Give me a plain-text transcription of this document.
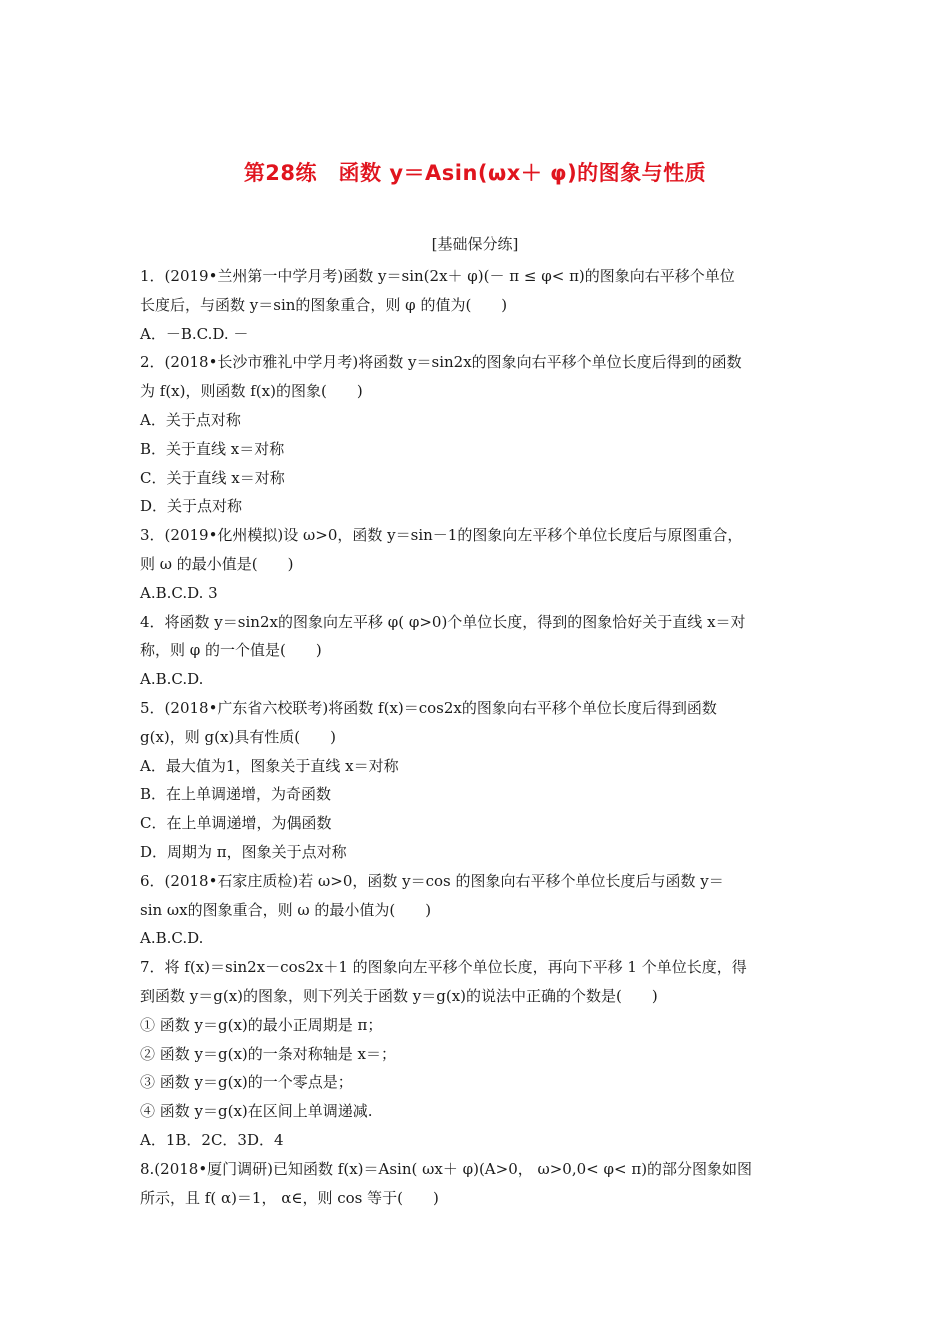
第28练　函数 y＝Asin(ωx＋ φ)的图象与性质
[基础保分练]
1．(2019•兰州第一中学月考)函数 y＝sin(2x＋ φ)(－ π ≤ φ< π)的图象向右平移个单位
长度后，与函数 y＝sin的图象重合，则 φ 的值为(　　)
A．－B.C.D. －
2．(2018•长沙市雅礼中学月考)将函数 y＝sin2x的图象向右平移个单位长度后得到的函数
为 f(x)，则函数 f(x)的图象(　　)
A．关于点对称
B．关于直线 x＝对称
C．关于直线 x＝对称
D．关于点对称
3．(2019•化州模拟)设 ω>0，函数 y＝sin－1的图象向左平移个单位长度后与原图重合，
则 ω 的最小值是(　　)
A.B.C.D. 3
4．将函数 y＝sin2x的图象向左平移 φ( φ>0)个单位长度，得到的图象恰好关于直线 x＝对
称，则 φ 的一个值是(　　)
A.B.C.D.
5．(2018•广东省六校联考)将函数 f(x)＝cos2x的图象向右平移个单位长度后得到函数
g(x)，则 g(x)具有性质(　　)
A．最大值为1，图象关于直线 x＝对称
B．在上单调递增，为奇函数
C．在上单调递增，为偶函数
D．周期为 π，图象关于点对称
6．(2018•石家庄质检)若 ω>0，函数 y＝cos 的图象向右平移个单位长度后与函数 y＝
sin ωx的图象重合，则 ω 的最小值为(　　)
A.B.C.D.
7．将 f(x)＝sin2x－cos2x＋1 的图象向左平移个单位长度，再向下平移 1 个单位长度，得
到函数 y＝g(x)的图象，则下列关于函数 y＝g(x)的说法中正确的个数是(　　)
① 函数 y＝g(x)的最小正周期是 π；
② 函数 y＝g(x)的一条对称轴是 x＝；
③ 函数 y＝g(x)的一个零点是；
④ 函数 y＝g(x)在区间上单调递减.
A．1B．2C．3D．4
8.(2018•厦门调研)已知函数 f(x)＝Asin( ωx＋ φ)(A>0， ω>0,0< φ< π)的部分图象如图
所示，且 f( α)＝1， α∈，则 cos 等于(　　)
